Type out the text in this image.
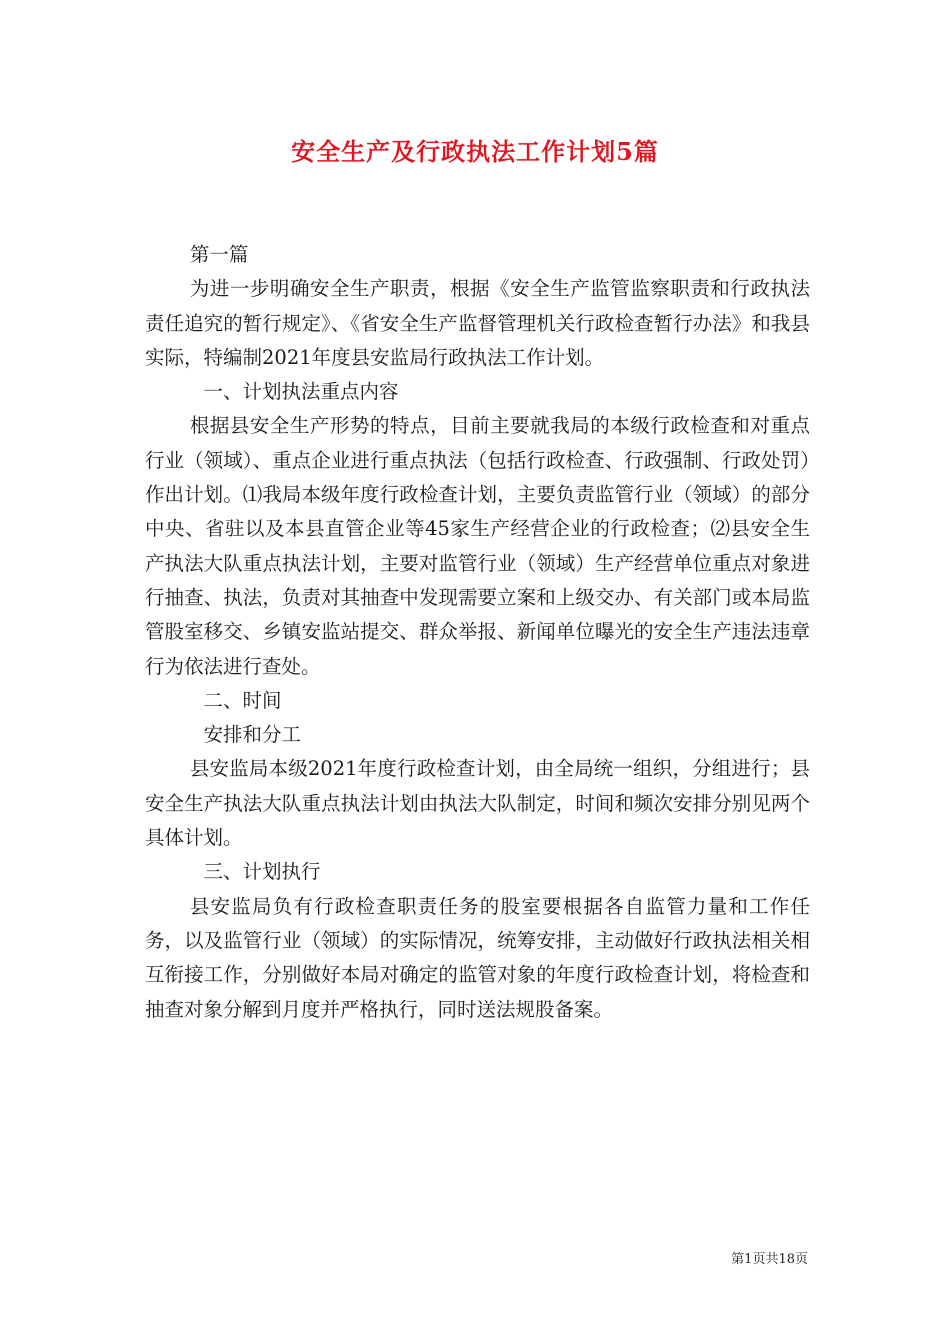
安全生产及行政执法工作计划5篇

第一篇

为进一步明确安全生产职责，根据《安全生产监管监察职责和行政执法责任追究的暂行规定》、《省安全生产监督管理机关行政检查暂行办法》和我县实际，特编制2021年度县安监局行政执法工作计划。

一、计划执法重点内容

根据县安全生产形势的特点，目前主要就我局的本级行政检查和对重点行业（领域）、重点企业进行重点执法（包括行政检查、行政强制、行政处罚）作出计划。⑴我局本级年度行政检查计划，主要负责监管行业（领域）的部分中央、省驻以及本县直管企业等45家生产经营企业的行政检查；⑵县安全生产执法大队重点执法计划，主要对监管行业（领域）生产经营单位重点对象进行抽查、执法，负责对其抽查中发现需要立案和上级交办、有关部门或本局监管股室移交、乡镇安监站提交、群众举报、新闻单位曝光的安全生产违法违章行为依法进行查处。

二、时间

安排和分工

县安监局本级2021年度行政检查计划，由全局统一组织，分组进行；县安全生产执法大队重点执法计划由执法大队制定，时间和频次安排分别见两个具体计划。

三、计划执行

县安监局负有行政检查职责任务的股室要根据各自监管力量和工作任务，以及监管行业（领域）的实际情况，统筹安排，主动做好行政执法相关相互衔接工作，分别做好本局对确定的监管对象的年度行政检查计划，将检查和抽查对象分解到月度并严格执行，同时送法规股备案。

第1页共18页
